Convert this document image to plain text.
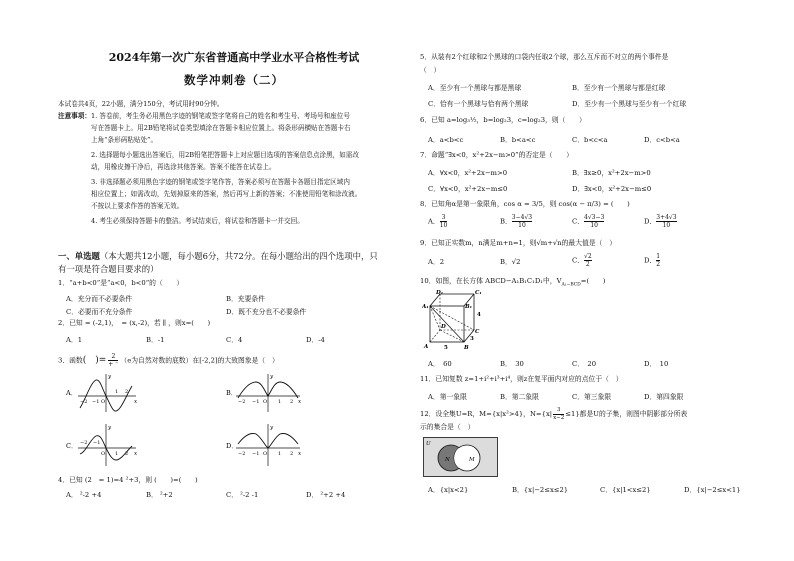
2024年第一次广东省普通高中学业水平合格性考试
数学冲刺卷（二）
本试卷共4页，22小题，满分150分，考试用时90分钟。
注意事项：1. 答卷前，考生务必用黑色字迹的钢笔或签字笔将自己的姓名和考生号、考场号和座位号
写在答题卡上。用2B铅笔将试卷类型填涂在答题卡相应位置上。将条形码横贴在答题卡右
上角“条形码粘贴处”。
2. 选择题每小题选出答案后，用2B铅笔把答题卡上对应题目选项的答案信息点涂黑，如需改
动，用橡皮擦干净后，再选涂其他答案。答案不能答在试卷上。
3. 非选择题必须用黑色字迹的钢笔或签字笔作答，答案必须写在答题卡各题目指定区域内
相应位置上；如需改动，先划掉原来的答案，然后再写上新的答案；不准使用铅笔和涂改液。
不按以上要求作答的答案无效。
4. 考生必须保持答题卡的整洁。考试结束后，将试卷和答题卡一并交回。
一、单选题（本大题共12小题，每小题6分，共72分。在每小题给出的四个选项中，只
有一项是符合题目要求的）
1．“a+b<0”是“a<0，b<0”的（　　）
A．充分而不必要条件	B．充要条件
C．必要而不充分条件	D．既不充分也不必要条件
2．已知 = (-2,1)，　= (x,-2)，若 ∥ ，则x=(　　)
A．1	B．-1	C．4	D．-4
3．函数(　)= 2
+ ⁻ （e为自然对数的底数）在[-2,2]的大致图象是（　）
A．
y
x
−2 −1 O
1 2	B．
y
x
−2 −1 O 1 2
C．
y
x
−2 −1
O 1 2
D．
y
x
−2 −1 O 1 2
4．已知 (2　= 1)=4 ²+3，则 (　　)=(　　)
A． ²-2 +4	B． ²+2	C． ²-2 -1	D． ²+2 +4
5．从装有2个红球和2个黑球的口袋内任取2个球，那么互斥而不对立的两个事件是
（　）
A．至少有一个黑球与都是黑球	B．至少有一个黑球与都是红球
C．恰有一个黑球与恰有两个黑球	D．至少有一个黑球与至少有一个红球
6．已知 a=log₃½，b=log₂3，c=log₂3，则（　　）
A．a<b<c	B．b<a<c	C．b<c<a	D．c<b<a
7．命题“∃x<0，x²+2x−m>0”的否定是（　　）
A．∀x<0，x²+2x−m>0	B．∃x≥0，x²+2x−m>0
C．∀x<0，x²+2x−m≤0	D．∃x<0，x²+2x−m≤0
8．已知角α是第一象限角，cos α = 3/5，则 cos(α − π/3) = (　　)
A． $\frac{3}{10}$	B． $\frac{3-4√3}{10}$	C． $\frac{4√3-3}{10}$	D． $\frac{3+4√3}{10}$
9．已知正实数m，n满足m+n=1，则√m+√n的最大值是（　）
A．2	B．√2	C． $\frac{√2}{2}$	D． $\frac{1}{2}$
10．如图，在长方体 ABCD−A₁B₁C₁D₁中，$V_{A_1-BCD}=$(　　)
D₁	C₁
A₁	B₁
D
C
A	B
4
5
3
A．　60	B．　30	C．　20	D．　10
11．已知复数 z=1+i²+i³+i⁴，则z在复平面内对应的点位于（　）
A．第一象限	B．第二象限	C．第三象限	D．第四象限
12．设全集U=R，M={x|x²>4}，$N=\{x| \frac{3}{x-2} \le 1\}$都是U的子集，则图中阴影部分所表
示的集合是（　）
U
N	M
A．{x|x<2}	B．{x|−2≤x≤2}	C．{x|1<x≤2}	D．{x|−2≤x<1}
